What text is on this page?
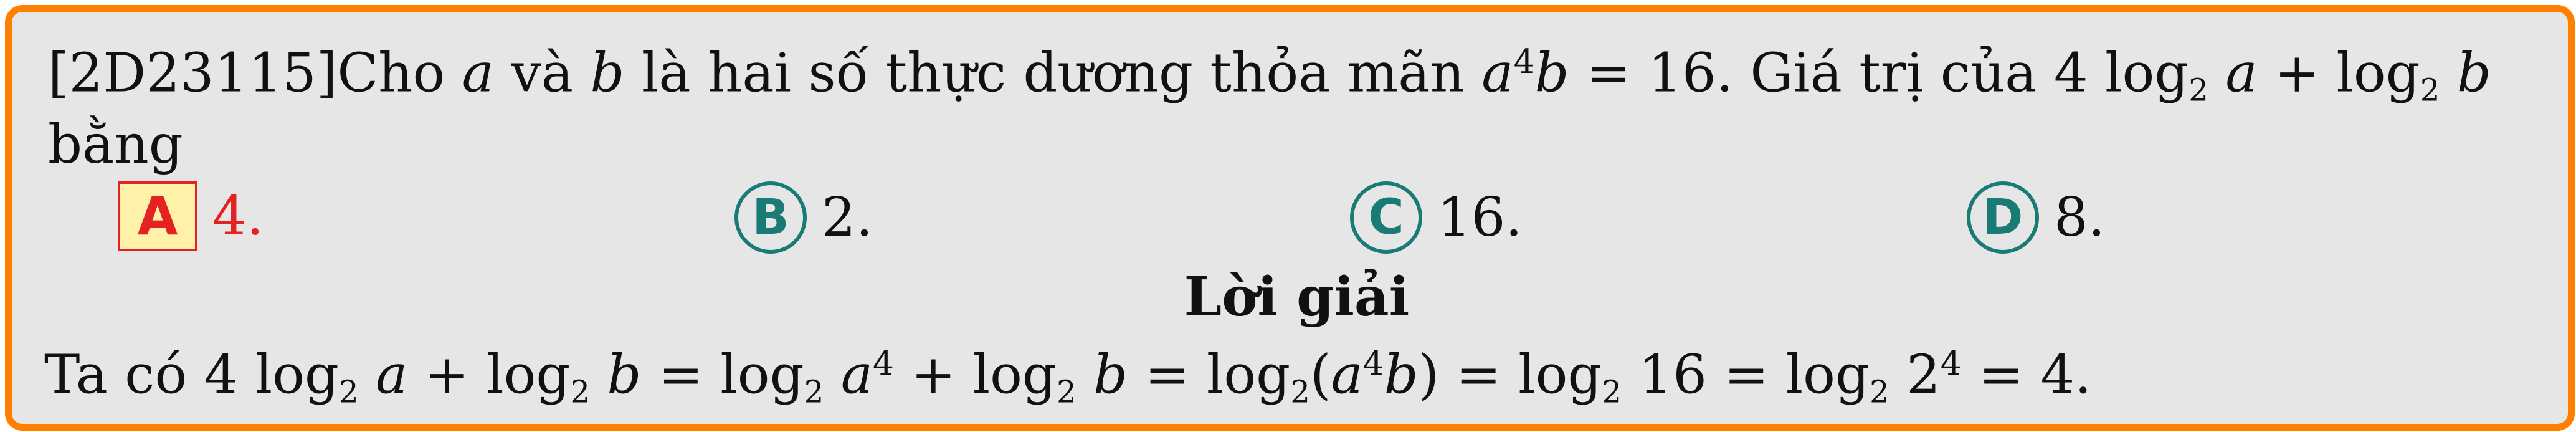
[2D23115]Cho a và b là hai số thực dương thỏa mãn $a^4b = 16$. Giá trị của 4 $\log_2 a + \log_2 b$
bằng
A 4.	B 2.	C 16.	D 8.
Lời giải
Ta có 4 $\log_2 a + \log_2 b = \log_2 a^4 + \log_2 b = \log_2(a^4b) = \log_2 16 = \log_2 2^4 = 4$.
